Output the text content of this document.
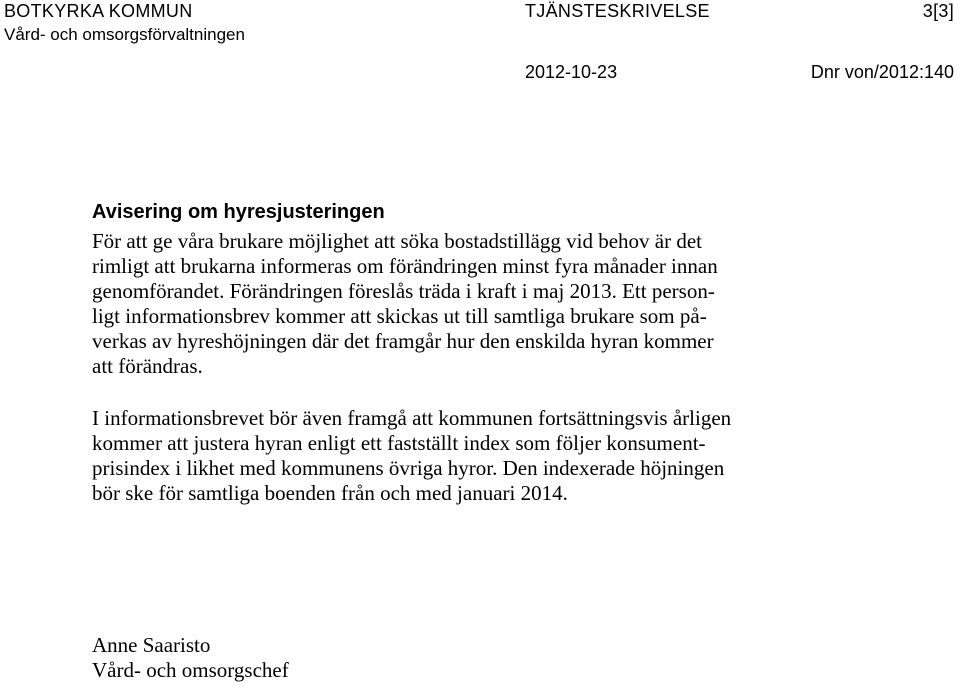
BOTKYRKA KOMMUN
Vård- och omsorgsförvaltningen
TJÄNSTESKRIVELSE	3[3]
2012-10-23	Dnr von/2012:140
Avisering om hyresjusteringen
För att ge våra brukare möjlighet att söka bostadstillägg vid behov är det
rimligt att brukarna informeras om förändringen minst fyra månader innan
genomförandet. Förändringen föreslås träda i kraft i maj 2013. Ett person-
ligt informationsbrev kommer att skickas ut till samtliga brukare som på-
verkas av hyreshöjningen där det framgår hur den enskilda hyran kommer
att förändras.
I informationsbrevet bör även framgå att kommunen fortsättningsvis årligen
kommer att justera hyran enligt ett fastställt index som följer konsument-
prisindex i likhet med kommunens övriga hyror. Den indexerade höjningen
bör ske för samtliga boenden från och med januari 2014.
Anne Saaristo
Vård- och omsorgschef
